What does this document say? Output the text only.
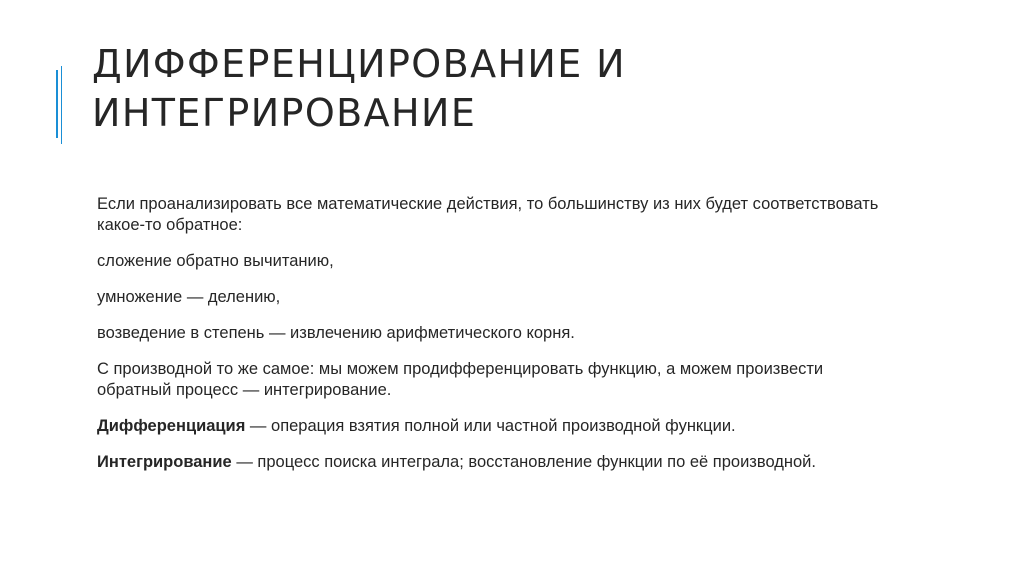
ДИФФЕРЕНЦИРОВАНИЕ И
ИНТЕГРИРОВАНИЕ

Если проанализировать все математические действия, то большинству из них будет соответствовать какое-то обратное:

сложение обратно вычитанию,

умножение — делению,

возведение в степень — извлечению арифметического корня.

С производной то же самое: мы можем продифференцировать функцию, а можем произвести обратный процесс — интегрирование.

Дифференциация — операция взятия полной или частной производной функции.

Интегрирование — процесс поиска интеграла; восстановление функции по её производной.
